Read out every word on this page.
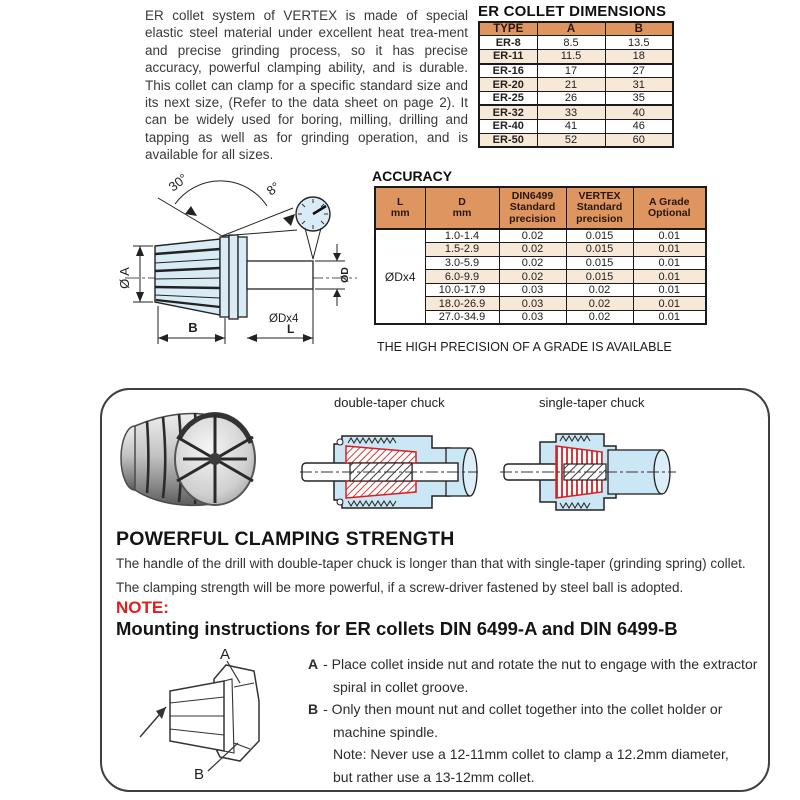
ER collet system of VERTEX is made of special elastic steel material under excellent heat trea-ment and precise grinding process, so it has precise accuracy, powerful clamping ability, and is durable. This collet can clamp for a specific standard size and its next size, (Refer to the data sheet on page 2). It can be widely used for boring, milling, drilling and tapping as well as for grinding operation, and is available for all sizes.
ER COLLET DIMENSIONS
TYPE	A	B
ER-8	8.5	13.5
ER-11	11.5	18
ER-16	17	27
ER-20	21	31
ER-25	26	35
ER-32	33	40
ER-40	41	46
ER-50	52	60
30°	8°
Ø A
B
ØDx4
L
ØD
ACCURACY
L
mm

D
mm

DIN6499
Standard
precision

VERTEX
Standard
precision

A Grade
Optional

ØDx4	1.0-1.4	0.02	0.015	0.01
	1.5-2.9	0.02	0.015	0.01
	3.0-5.9	0.02	0.015	0.01
	6.0-9.9	0.02	0.015	0.01
	10.0-17.9	0.03	0.02	0.01
	18.0-26.9	0.03	0.02	0.01
	27.0-34.9	0.03	0.02	0.01
THE HIGH PRECISION OF A GRADE IS AVAILABLE
double-taper chuck	single-taper chuck
POWERFUL CLAMPING STRENGTH
The handle of the drill with double-taper chuck is longer than that with single-taper (grinding spring) collet.
The clamping strength will be more powerful, if a screw-driver fastened by steel ball is adopted.
NOTE:
Mounting instructions for ER collets DIN 6499-A and DIN 6499-B
A
B
A - Place collet inside nut and rotate the nut to engage with the extractor
spiral in collet groove.
B - Only then mount nut and collet together into the collet holder or
machine spindle.
Note: Never use a 12-11mm collet to clamp a 12.2mm diameter,
but rather use a 13-12mm collet.
